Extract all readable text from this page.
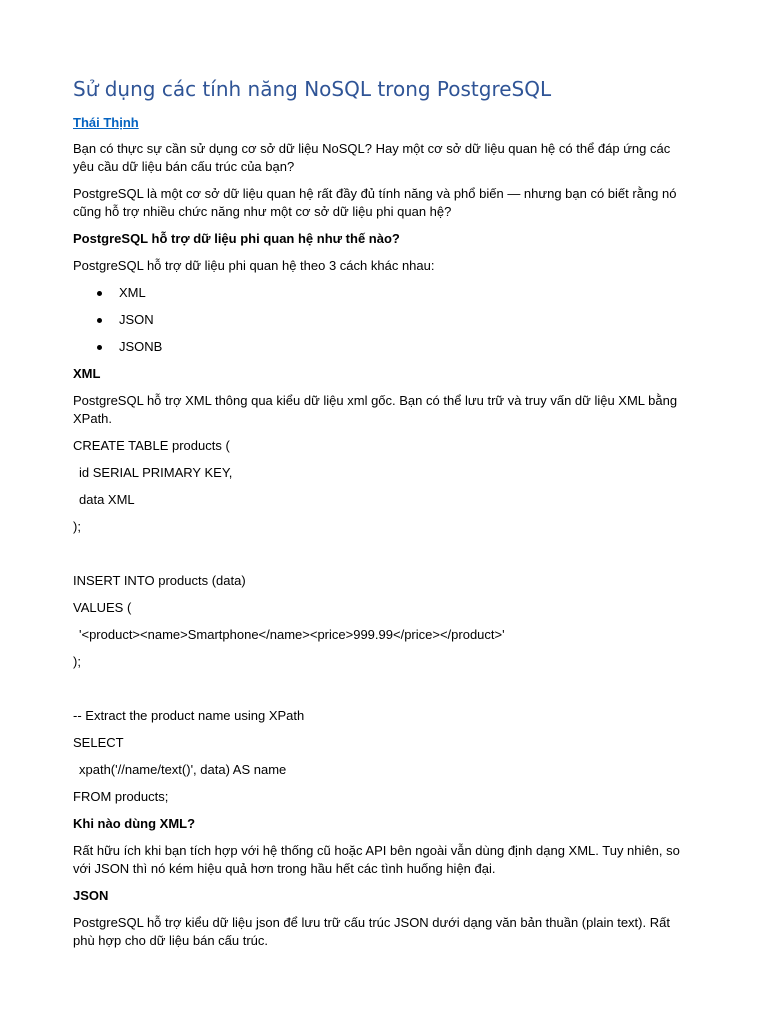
Sử dụng các tính năng NoSQL trong PostgreSQL
Thái Thịnh

Bạn có thực sự cần sử dụng cơ sở dữ liệu NoSQL? Hay một cơ sở dữ liệu quan hệ có thể đáp ứng các yêu cầu dữ liệu bán cấu trúc của bạn?

PostgreSQL là một cơ sở dữ liệu quan hệ rất đầy đủ tính năng và phổ biến — nhưng bạn có biết rằng nó cũng hỗ trợ nhiều chức năng như một cơ sở dữ liệu phi quan hệ?

PostgreSQL hỗ trợ dữ liệu phi quan hệ như thế nào?

PostgreSQL hỗ trợ dữ liệu phi quan hệ theo 3 cách khác nhau:

XML
JSON
JSONB

XML

PostgreSQL hỗ trợ XML thông qua kiểu dữ liệu xml gốc. Bạn có thể lưu trữ và truy vấn dữ liệu XML bằng XPath.

CREATE TABLE products (

id SERIAL PRIMARY KEY,

data XML

);

INSERT INTO products (data)

VALUES (

'<product><name>Smartphone</name><price>999.99</price></product>'

);

-- Extract the product name using XPath

SELECT

xpath('//name/text()', data) AS name

FROM products;

Khi nào dùng XML?

Rất hữu ích khi bạn tích hợp với hệ thống cũ hoặc API bên ngoài vẫn dùng định dạng XML. Tuy nhiên, so với JSON thì nó kém hiệu quả hơn trong hầu hết các tình huống hiện đại.

JSON

PostgreSQL hỗ trợ kiểu dữ liệu json để lưu trữ cấu trúc JSON dưới dạng văn bản thuần (plain text). Rất phù hợp cho dữ liệu bán cấu trúc.
